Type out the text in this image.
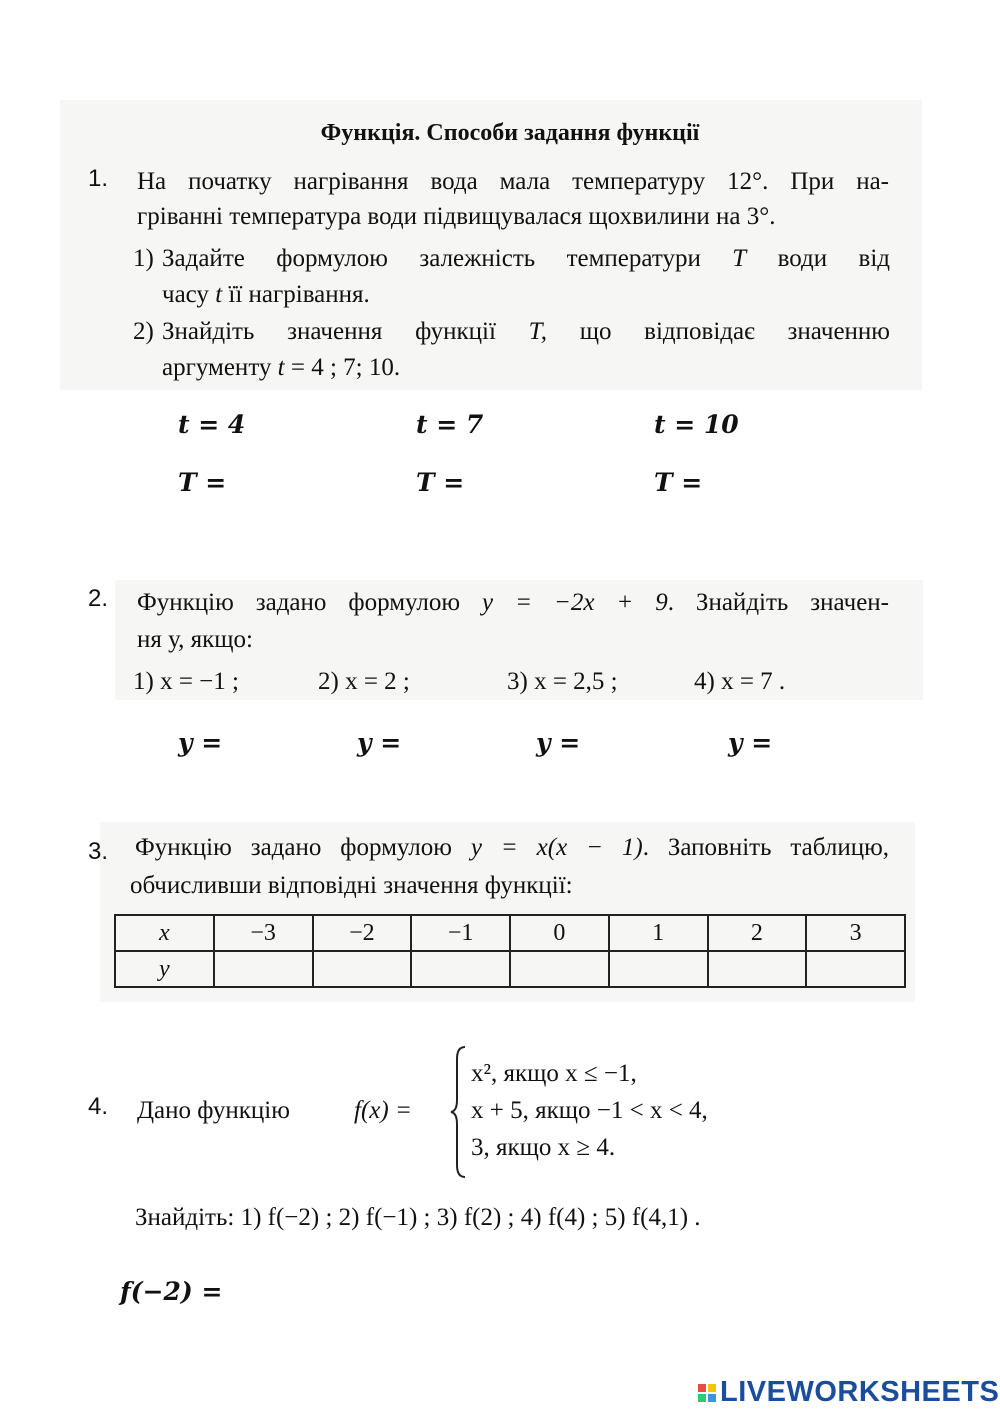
Функція. Способи задання функції
1. На початку нагрівання вода мала температуру 12°. При на-
гріванні температура води підвищувалася щохвилини на 3°.
1) Задайте формулою залежність температури T води від
часу t її нагрівання.
2) Знайдіть значення функції T, що відповідає значенню
аргументу t = 4 ; 7; 10.
t = 4	t = 7	t = 10
T =	T =	T =
2. Функцію задано формулою y = −2x + 9. Знайдіть значен-
ня у, якщо:
1) x = −1 ;	2) x = 2 ;	3) x = 2,5 ;	4) x = 7 .
y =	y =	y =	y =
3. Функцію задано формулою y = x(x − 1). Заповніть таблицю,
обчисливши відповідні значення функції:
x	−3	−2	−1	0	1	2	3
y							
4. Дано функцію	f(x) =
x², якщо x ≤ −1,
x + 5, якщо −1 < x < 4,
3, якщо x ≥ 4.
Знайдіть: 1) f(−2) ; 2) f(−1) ; 3) f(2) ; 4) f(4) ; 5) f(4,1) .
f(−2) =
LIVEWORKSHEETS
